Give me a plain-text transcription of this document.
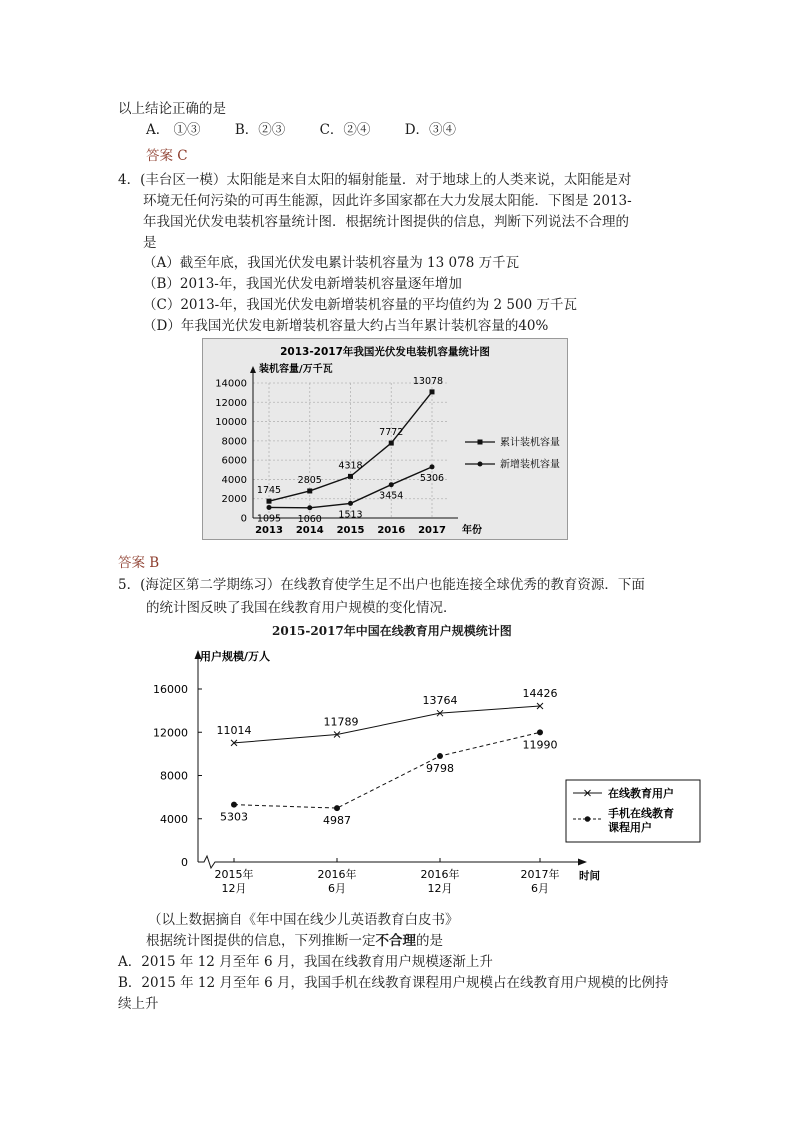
以上结论正确的是
A． ①③	B．②③	C．②④	D．③④
答案 C
4．(丰台区一模）太阳能是来自太阳的辐射能量．对于地球上的人类来说，太阳能是对
环境无任何污染的可再生能源，因此许多国家都在大力发展太阳能．下图是 2013-
年我国光伏发电装机容量统计图．根据统计图提供的信息，判断下列说法不合理的
是
（A）截至年底，我国光伏发电累计装机容量为 13 078 万千瓦
（B）2013-年，我国光伏发电新增装机容量逐年增加
（C）2013-年，我国光伏发电新增装机容量的平均值约为 2 500 万千瓦
（D）年我国光伏发电新增装机容量大约占当年累计装机容量的40%
2013-2017年我国光伏发电装机容量统计图
装机容量/万千瓦
0
2000
4000
6000
8000
10000
12000
14000
2013 2014 2015 2016 2017 年份
1745
2805
4318
7772
13078
累计装机容量
1095 1060 1513
3454
5306
新增装机容量
答案 B
5．(海淀区第二学期练习）在线教育使学生足不出户也能连接全球优秀的教育资源．下面
的统计图反映了我国在线教育用户规模的变化情况．
用户规模/万人
时间
0
4000
8000
12000
16000
2015年
12月
2016年
6月
2016年
12月
2017年
6月
11014
11789
13764
14426
5303	4987
9798
11990
在线教育用户
手机在线教育
课程用户
（以上数据摘自《年中国在线少儿英语教育白皮书》
根据统计图提供的信息，下列推断一定不合理的是
A．2015 年 12 月至年 6 月，我国在线教育用户规模逐渐上升
B．2015 年 12 月至年 6 月，我国手机在线教育课程用户规模占在线教育用户规模的比例持
续上升
2015-2017年中国在线教育用户规模统计图
